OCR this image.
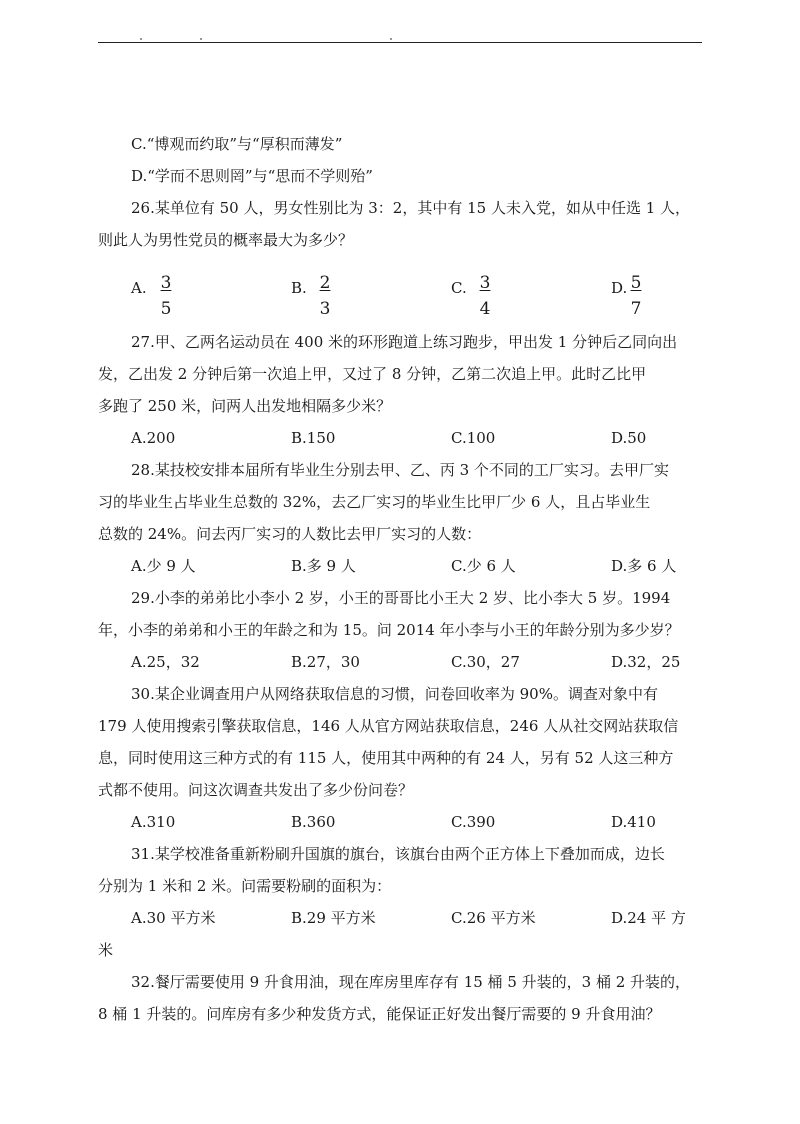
C.“博观而约取”与“厚积而薄发”
D.“学而不思则罔”与“思而不学则殆”
26.某单位有 50 人，男女性别比为 3：2，其中有 15 人未入党，如从中任选 1 人，
则此人为男性党员的概率最大为多少？
A. $\frac{3}{5}$	B. $\frac{2}{3}$	C. $\frac{3}{4}$	D. $\frac{5}{7}$
27.甲、乙两名运动员在 400 米的环形跑道上练习跑步，甲出发 1 分钟后乙同向出
发，乙出发 2 分钟后第一次追上甲，又过了 8 分钟，乙第二次追上甲。此时乙比甲
多跑了 250 米，问两人出发地相隔多少米？
A.200	B.150	C.100	D.50
28.某技校安排本届所有毕业生分别去甲、乙、丙 3 个不同的工厂实习。去甲厂实
习的毕业生占毕业生总数的 32%，去乙厂实习的毕业生比甲厂少 6 人，且占毕业生
总数的 24%。问去丙厂实习的人数比去甲厂实习的人数：
A.少 9 人	B.多 9 人	C.少 6 人	D.多 6 人
29.小李的弟弟比小李小 2 岁，小王的哥哥比小王大 2 岁、比小李大 5 岁。1994
年，小李的弟弟和小王的年龄之和为 15。问 2014 年小李与小王的年龄分别为多少岁？
A.25，32	B.27，30	C.30，27	D.32，25
30.某企业调查用户从网络获取信息的习惯，问卷回收率为 90%。调查对象中有
179 人使用搜索引擎获取信息，146 人从官方网站获取信息，246 人从社交网站获取信
息，同时使用这三种方式的有 115 人，使用其中两种的有 24 人，另有 52 人这三种方
式都不使用。问这次调查共发出了多少份问卷？
A.310	B.360	C.390	D.410
31.某学校准备重新粉刷升国旗的旗台，该旗台由两个正方体上下叠加而成，边长
分别为 1 米和 2 米。问需要粉刷的面积为：
A.30 平方米	B.29 平方米	C.26 平方米	D.24 平 方
米
32.餐厅需要使用 9 升食用油，现在库房里库存有 15 桶 5 升装的，3 桶 2 升装的，
8 桶 1 升装的。问库房有多少种发货方式，能保证正好发出餐厅需要的 9 升食用油？
